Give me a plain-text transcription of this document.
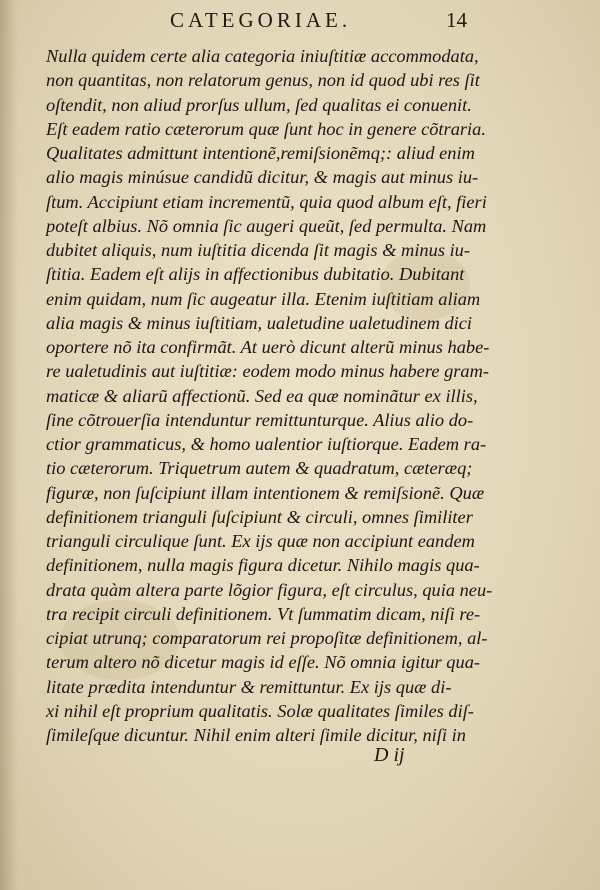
CATEGORIAE.	14
Nulla quidem certe alia categoria iniuſtitiæ accommodata,
non quantitas, non relatorum genus, non id quod ubi res ſit
oſtendit, non aliud prorſus ullum, ſed qualitas ei conuenit.
Eſt eadem ratio cæterorum quæ ſunt hoc in genere cõtraria.
Qualitates admittunt intentionẽ,remiſsionẽmq;: aliud enim
alio magis minúsue candidũ dicitur, & magis aut minus iu-
ſtum. Accipiunt etiam incrementũ, quia quod album eſt, fieri
poteſt albius. Nõ omnia ſic augeri queũt, ſed permulta. Nam
dubitet aliquis, num iuſtitia dicenda ſit magis & minus iu-
ſtitia. Eadem eſt alijs in affectionibus dubitatio. Dubitant
enim quidam, num ſic augeatur illa. Etenim iuſtitiam aliam
alia magis & minus iuſtitiam, ualetudine ualetudinem dici
oportere nõ ita confirmãt. At uerò dicunt alterũ minus habe-
re ualetudinis aut iuſtitiæ: eodem modo minus habere gram-
maticæ & aliarũ affectionũ. Sed ea quæ nominãtur ex illis,
ſine cõtrouerſia intenduntur remittunturque. Alius alio do-
ctior grammaticus, & homo ualentior iuſtiorque. Eadem ra-
tio cæterorum. Triquetrum autem & quadratum, cæteræq;
figuræ, non ſuſcipiunt illam intentionem & remiſsionẽ. Quæ
definitionem trianguli ſuſcipiunt & circuli, omnes ſimiliter
trianguli circulique ſunt. Ex ijs quæ non accipiunt eandem
definitionem, nulla magis figura dicetur. Nihilo magis qua-
drata quàm altera parte lõgior figura, eſt circulus, quia neu-
tra recipit circuli definitionem. Vt ſummatim dicam, niſi re-
cipiat utrunq; comparatorum rei propoſitæ definitionem, al-
terum altero nõ dicetur magis id eſſe. Nõ omnia igitur qua-
litate prædita intenduntur & remittuntur. Ex ijs quæ di-
xi nihil eſt proprium qualitatis. Solæ qualitates ſimiles diſ-
ſimileſque dicuntur. Nihil enim alteri ſimile dicitur, niſi in
D ij
